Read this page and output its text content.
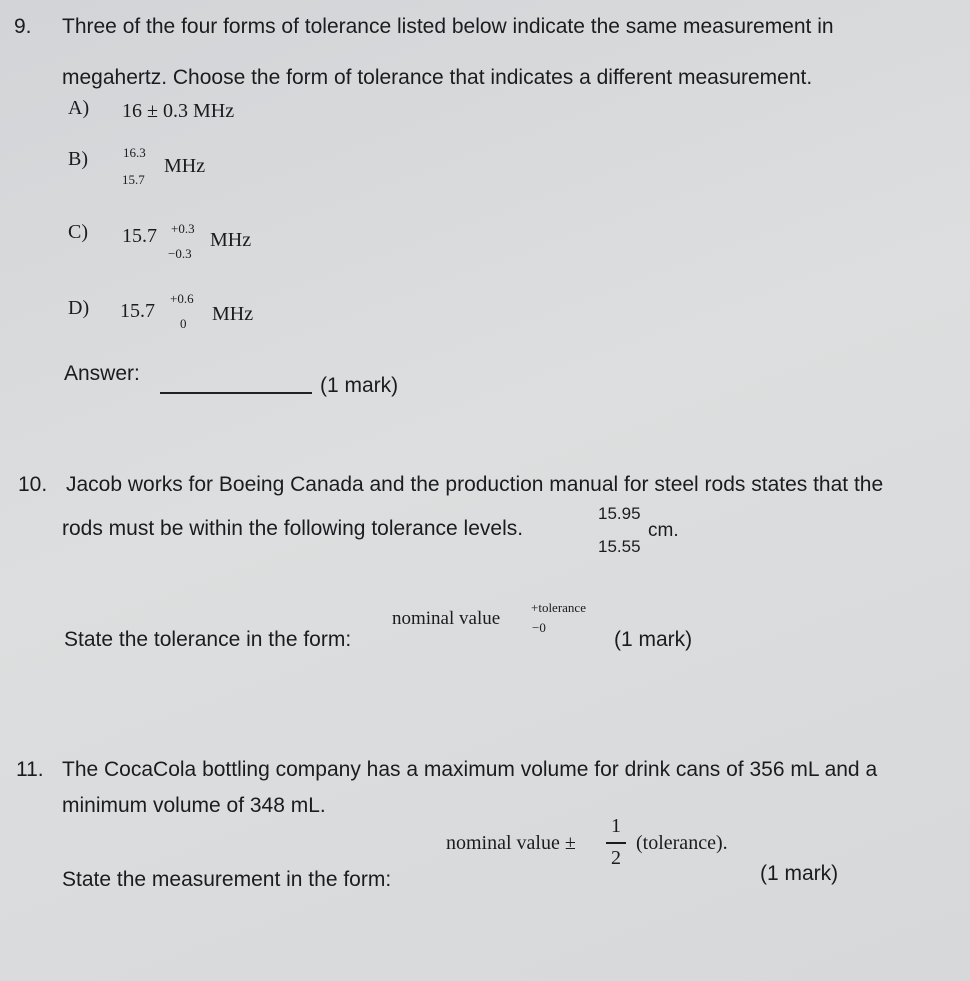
9. Three of the four forms of tolerance listed below indicate the same measurement in
megahertz. Choose the form of tolerance that indicates a different measurement.
A) 16 ± 0.3 MHz
B)	16.3
15.7
MHz
C) 15.7 +0.3
−0.3
MHz
D) 15.7
+0.6
0 MHz
Answer:
(1 mark)
10. Jacob works for Boeing Canada and the production manual for steel rods states that the
rods must be within the following tolerance levels.
15.95
15.55
cm.
State the tolerance in the form:
nominal value
+tolerance
−0
(1 mark)
11. The CocaCola bottling company has a maximum volume for drink cans of 356 mL and a
minimum volume of 348 mL.
State the measurement in the form:
nominal value ±
1
2
(tolerance).
(1 mark)
